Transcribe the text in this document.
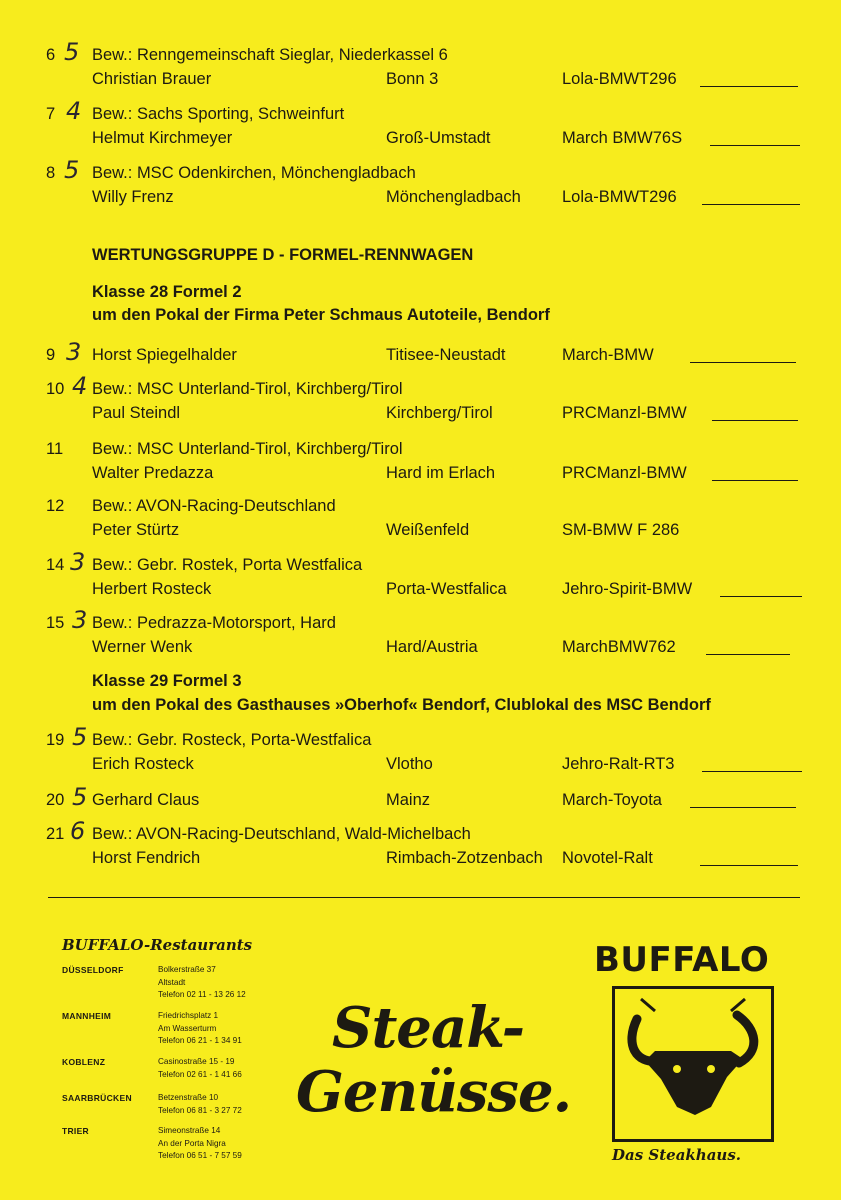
6 5 Bew.: Renngemeinschaft Sieglar, Niederkassel 6
Christian Brauer	Bonn 3	Lola-BMWT296
7 4 Bew.: Sachs Sporting, Schweinfurt
Helmut Kirchmeyer	Groß-Umstadt	March BMW76S
8 5 Bew.: MSC Odenkirchen, Mönchengladbach
Willy Frenz	Mönchengladbach Lola-BMWT296
WERTUNGSGRUPPE D - FORMEL-RENNWAGEN
Klasse 28 Formel 2
um den Pokal der Firma Peter Schmaus Autoteile, Bendorf
9 3 Horst Spiegelhalder	Titisee-Neustadt	March-BMW
10 4 Bew.: MSC Unterland-Tirol, Kirchberg/Tirol
Paul Steindl	Kirchberg/Tirol	PRCManzl-BMW
11 Bew.: MSC Unterland-Tirol, Kirchberg/Tirol
Walter Predazza	Hard im Erlach	PRCManzl-BMW
12 Bew.: AVON-Racing-Deutschland
Peter Stürtz	Weißenfeld	SM-BMW F 286
14 3 Bew.: Gebr. Rostek, Porta Westfalica
Herbert Rosteck	Porta-Westfalica	Jehro-Spirit-BMW
15 3 Bew.: Pedrazza-Motorsport, Hard
Werner Wenk	Hard/Austria	MarchBMW762
Klasse 29 Formel 3
um den Pokal des Gasthauses »Oberhof« Bendorf, Clublokal des MSC Bendorf
19 5 Bew.: Gebr. Rosteck, Porta-Westfalica
Erich Rosteck	Vlotho	Jehro-Ralt-RT3
20 5 Gerhard Claus	Mainz	March-Toyota
21 6 Bew.: AVON-Racing-Deutschland, Wald-Michelbach
Horst Fendrich	Rimbach-Zotzenbach Novotel-Ralt
BUFFALO-Restaurants
DÜSSELDORF	Bolkerstraße 37
Altstadt
Telefon 02 11 - 13 26 12
MANNHEIM	Friedrichsplatz 1
Am Wasserturm
Telefon 06 21 - 1 34 91
KOBLENZ	Casinostraße 15 - 19
Telefon 02 61 - 1 41 66
SAARBRÜCKEN	Betzenstraße 10
Telefon 06 81 - 3 27 72
TRIER	Simeonstraße 14
An der Porta Nigra
Telefon 06 51 - 7 57 59
Steak-
Genüsse.
BUFFALO
Das Steakhaus.
